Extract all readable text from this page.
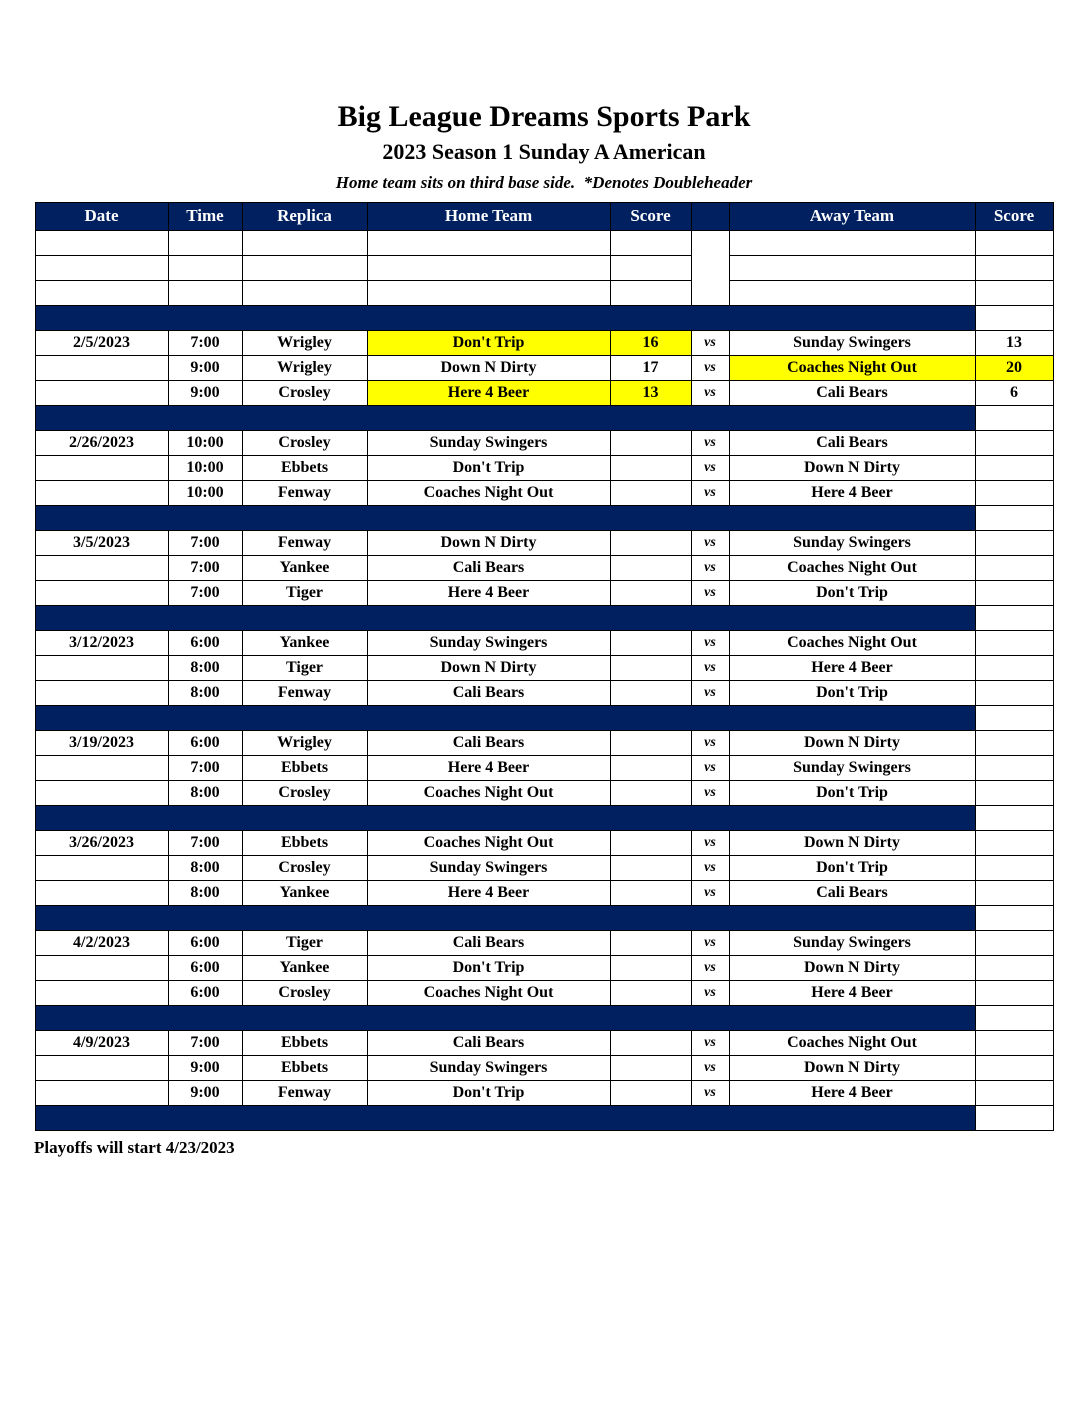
Big League Dreams Sports Park
2023 Season 1 Sunday A American
Home team sits on third base side.  *Denotes Doubleheader
Date	Time	Replica	Home Team	Score		Away Team	Score

2/5/2023	7:00	Wrigley	Don't Trip	16	vs	Sunday Swingers	13
	9:00	Wrigley	Down N Dirty	17	vs	Coaches Night Out	20
	9:00	Crosley	Here 4 Beer	13	vs	Cali Bears	6

2/26/2023	10:00	Crosley	Sunday Swingers		vs	Cali Bears	
	10:00	Ebbets	Don't Trip		vs	Down N Dirty	
	10:00	Fenway	Coaches Night Out		vs	Here 4 Beer	

3/5/2023	7:00	Fenway	Down N Dirty		vs	Sunday Swingers	
	7:00	Yankee	Cali Bears		vs	Coaches Night Out	
	7:00	Tiger	Here 4 Beer		vs	Don't Trip	

3/12/2023	6:00	Yankee	Sunday Swingers		vs	Coaches Night Out	
	8:00	Tiger	Down N Dirty		vs	Here 4 Beer	
	8:00	Fenway	Cali Bears		vs	Don't Trip	

3/19/2023	6:00	Wrigley	Cali Bears		vs	Down N Dirty	
	7:00	Ebbets	Here 4 Beer		vs	Sunday Swingers	
	8:00	Crosley	Coaches Night Out		vs	Don't Trip	

3/26/2023	7:00	Ebbets	Coaches Night Out		vs	Down N Dirty	
	8:00	Crosley	Sunday Swingers		vs	Don't Trip	
	8:00	Yankee	Here 4 Beer		vs	Cali Bears	

4/2/2023	6:00	Tiger	Cali Bears		vs	Sunday Swingers	
	6:00	Yankee	Don't Trip		vs	Down N Dirty	
	6:00	Crosley	Coaches Night Out		vs	Here 4 Beer	

4/9/2023	7:00	Ebbets	Cali Bears		vs	Coaches Night Out	
	9:00	Ebbets	Sunday Swingers		vs	Down N Dirty	
	9:00	Fenway	Don't Trip		vs	Here 4 Beer	

Playoffs will start 4/23/2023
